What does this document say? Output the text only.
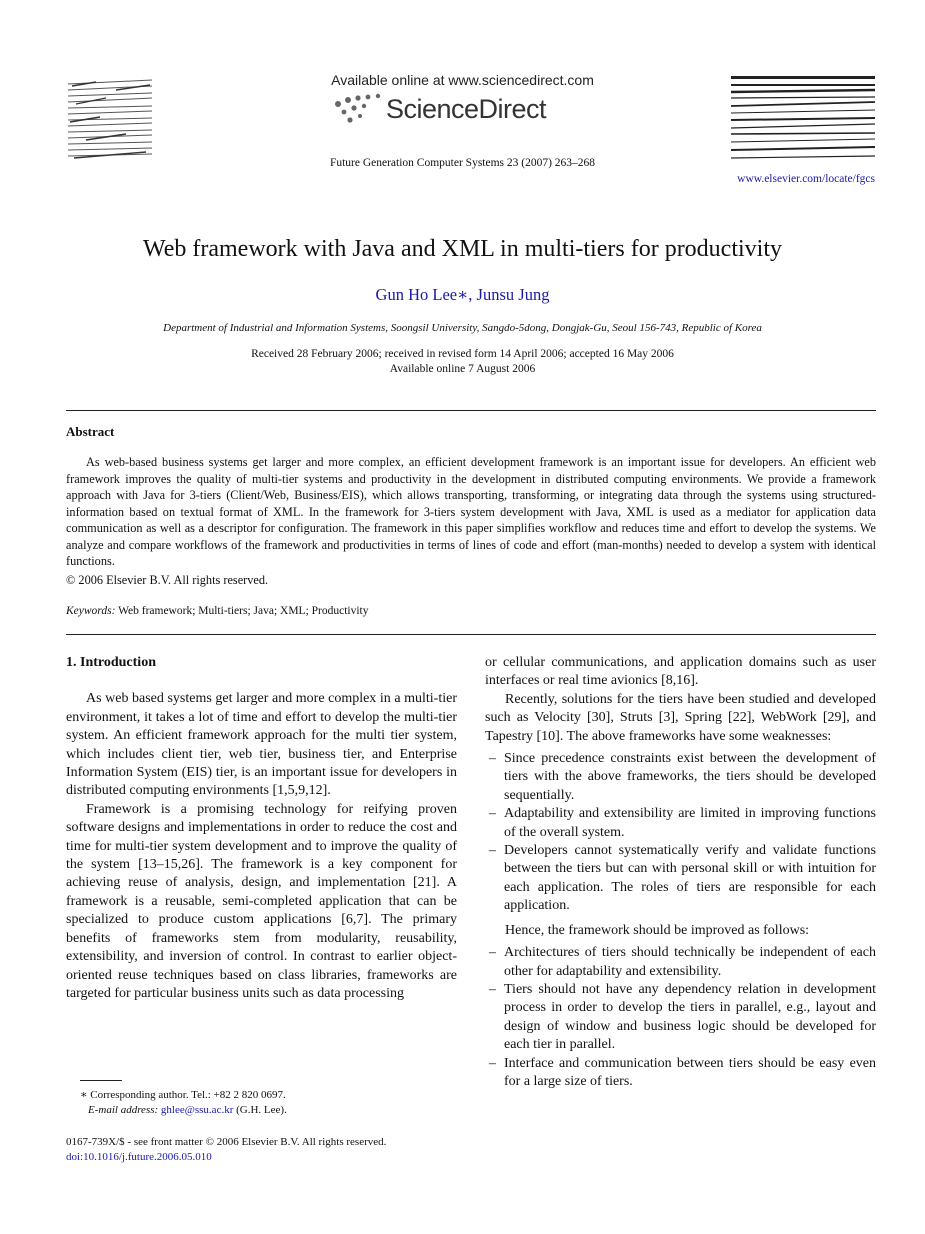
Available online at www.sciencedirect.com
ScienceDirect
Future Generation Computer Systems 23 (2007) 263–268
www.elsevier.com/locate/fgcs
Web framework with Java and XML in multi-tiers for productivity
Gun Ho Lee∗, Junsu Jung
Department of Industrial and Information Systems, Soongsil University, Sangdo-5dong, Dongjak-Gu, Seoul 156-743, Republic of Korea
Received 28 February 2006; received in revised form 14 April 2006; accepted 16 May 2006
Available online 7 August 2006
Abstract

As web-based business systems get larger and more complex, an efficient development framework is an important issue for developers. An efficient web framework improves the quality of multi-tier systems and productivity in the development in distributed computing environments. We provide a framework approach with Java for 3-tiers (Client/Web, Business/EIS), which allows transporting, transforming, or integrating data through the systems using structured-information based on textual format of XML. In the framework for 3-tiers system development with Java, XML is used as a mediator for application data communication as well as a descriptor for configuration. The framework in this paper simplifies workflow and reduces time and effort to develop the systems. We analyze and compare workflows of the framework and productivities in terms of lines of code and effort (man-months) needed to develop a system with identical functions.

© 2006 Elsevier B.V. All rights reserved.
Keywords: Web framework; Multi-tiers; Java; XML; Productivity
1. Introduction

As web based systems get larger and more complex in a multi-tier environment, it takes a lot of time and effort to develop the multi-tier system. An efficient framework approach for the multi tier system, which includes client tier, web tier, business tier, and Enterprise Information System (EIS) tier, is an important issue for developers in distributed computing environments [1,5,9,12].

Framework is a promising technology for reifying proven software designs and implementations in order to reduce the cost and time for multi-tier system development and to improve the quality of the system [13–15,26]. The framework is a key component for achieving reuse of analysis, design, and implementation [21]. A framework is a reusable, semi-completed application that can be specialized to produce custom applications [6,7]. The primary benefits of frameworks stem from modularity, reusability, extensibility, and inversion of control. In contrast to earlier object-oriented reuse techniques based on class libraries, frameworks are targeted for particular business units such as data processing

or cellular communications, and application domains such as user interfaces or real time avionics [8,16].

Recently, solutions for the tiers have been studied and developed such as Velocity [30], Struts [3], Spring [22], WebWork [29], and Tapestry [10]. The above frameworks have some weaknesses:

– Since precedence constraints exist between the development of tiers with the above frameworks, the tiers should be developed sequentially.
– Adaptability and extensibility are limited in improving functions of the overall system.
– Developers cannot systematically verify and validate functions between the tiers but can with personal skill or with intuition for each application. The roles of tiers are responsible for each application.

Hence, the framework should be improved as follows:

– Architectures of tiers should technically be independent of each other for adaptability and extensibility.
– Tiers should not have any dependency relation in development process in order to develop the tiers in parallel, e.g., layout and design of window and business logic should be developed for each tier in parallel.
– Interface and communication between tiers should be easy even for a large size of tiers.
∗ Corresponding author. Tel.: +82 2 820 0697.
E-mail address: ghlee@ssu.ac.kr (G.H. Lee).
0167-739X/$ - see front matter © 2006 Elsevier B.V. All rights reserved.
doi:10.1016/j.future.2006.05.010
